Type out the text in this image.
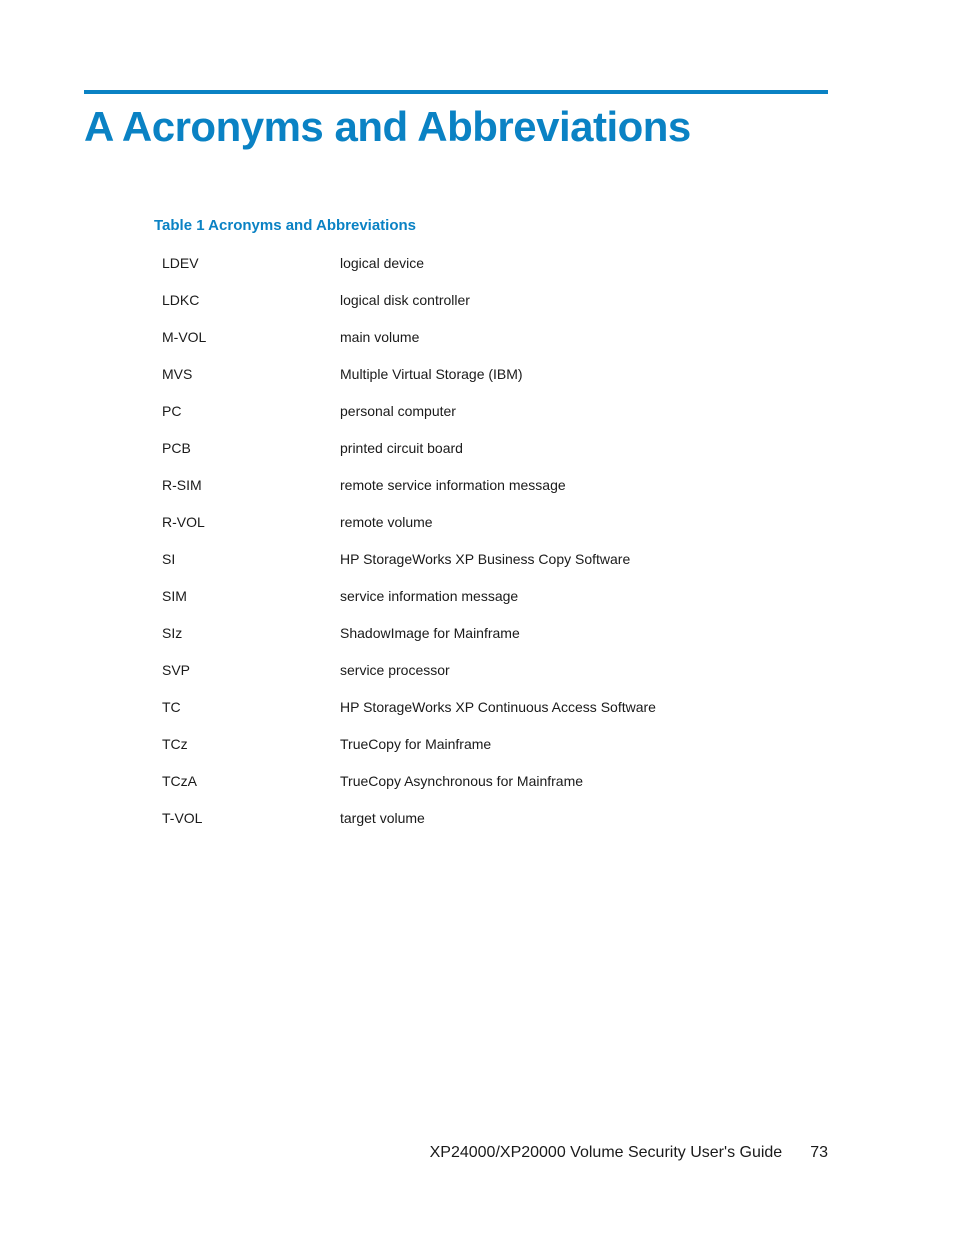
A Acronyms and Abbreviations
Table 1 Acronyms and Abbreviations
LDEV	logical device
LDKC	logical disk controller
M-VOL	main volume
MVS	Multiple Virtual Storage (IBM)
PC	personal computer
PCB	printed circuit board
R-SIM	remote service information message
R-VOL	remote volume
SI	HP StorageWorks XP Business Copy Software
SIM	service information message
SIz	ShadowImage for Mainframe
SVP	service processor
TC	HP StorageWorks XP Continuous Access Software
TCz	TrueCopy for Mainframe
TCzA	TrueCopy Asynchronous for Mainframe
T-VOL	target volume
XP24000/XP20000 Volume Security User's Guide 73
